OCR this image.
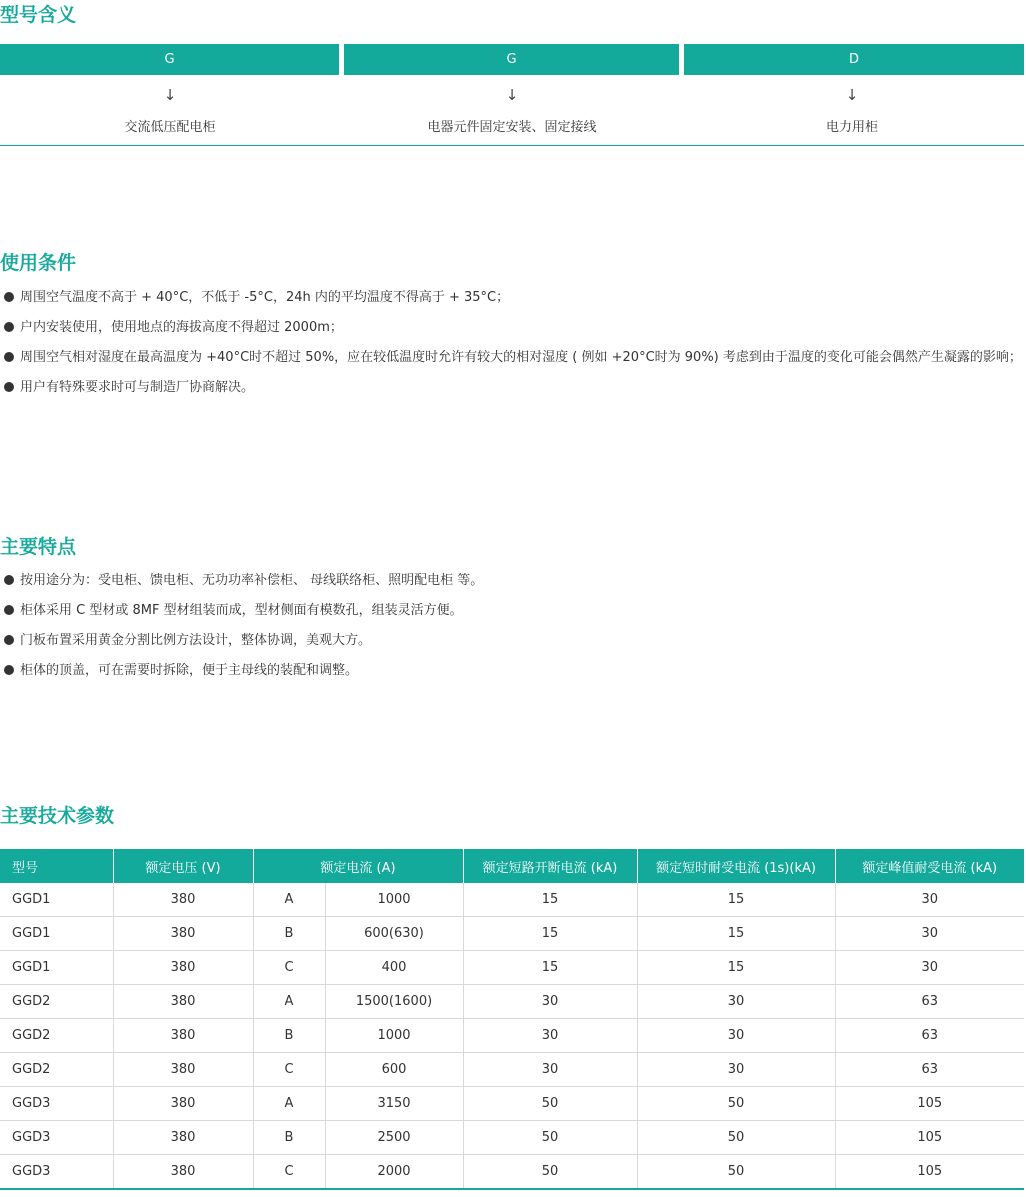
型号含义
G	G	D
↓	↓	↓
交流低压配电柜	电器元件固定安装、固定接线	电力用柜
使用条件
周围空气温度不高于 + 40°C，不低于 -5°C，24h 内的平均温度不得高于 + 35°C；
户内安装使用，使用地点的海拔高度不得超过 2000m；
周围空气相对湿度在最高温度为 +40°C时不超过 50%，应在较低温度时允许有较大的相对湿度 ( 例如 +20°C时为 90%) 考虑到由于温度的变化可能会偶然产生凝露的影响；
用户有特殊要求时可与制造厂协商解决。
主要特点
按用途分为：受电柜、馈电柜、无功功率补偿柜、 母线联络柜、照明配电柜 等。
柜体采用 C 型材或 8MF 型材组装而成，型材侧面有模数孔，组装灵活方便。
门板布置采用黄金分割比例方法设计，整体协调，美观大方。
柜体的顶盖，可在需要时拆除，便于主母线的装配和调整。
主要技术参数
型号	额定电压 (V)	额定电流 (A)		额定短路开断电流 (kA)	额定短时耐受电流 (1s)(kA)	额定峰值耐受电流 (kA)
GGD1	380	A	1000	15	15	30
GGD1	380	B	600(630)	15	15	30
GGD1	380	C	400	15	15	30
GGD2	380	A	1500(1600)	30	30	63
GGD2	380	B	1000	30	30	63
GGD2	380	C	600	30	30	63
GGD3	380	A	3150	50	50	105
GGD3	380	B	2500	50	50	105
GGD3	380	C	2000	50	50	105
